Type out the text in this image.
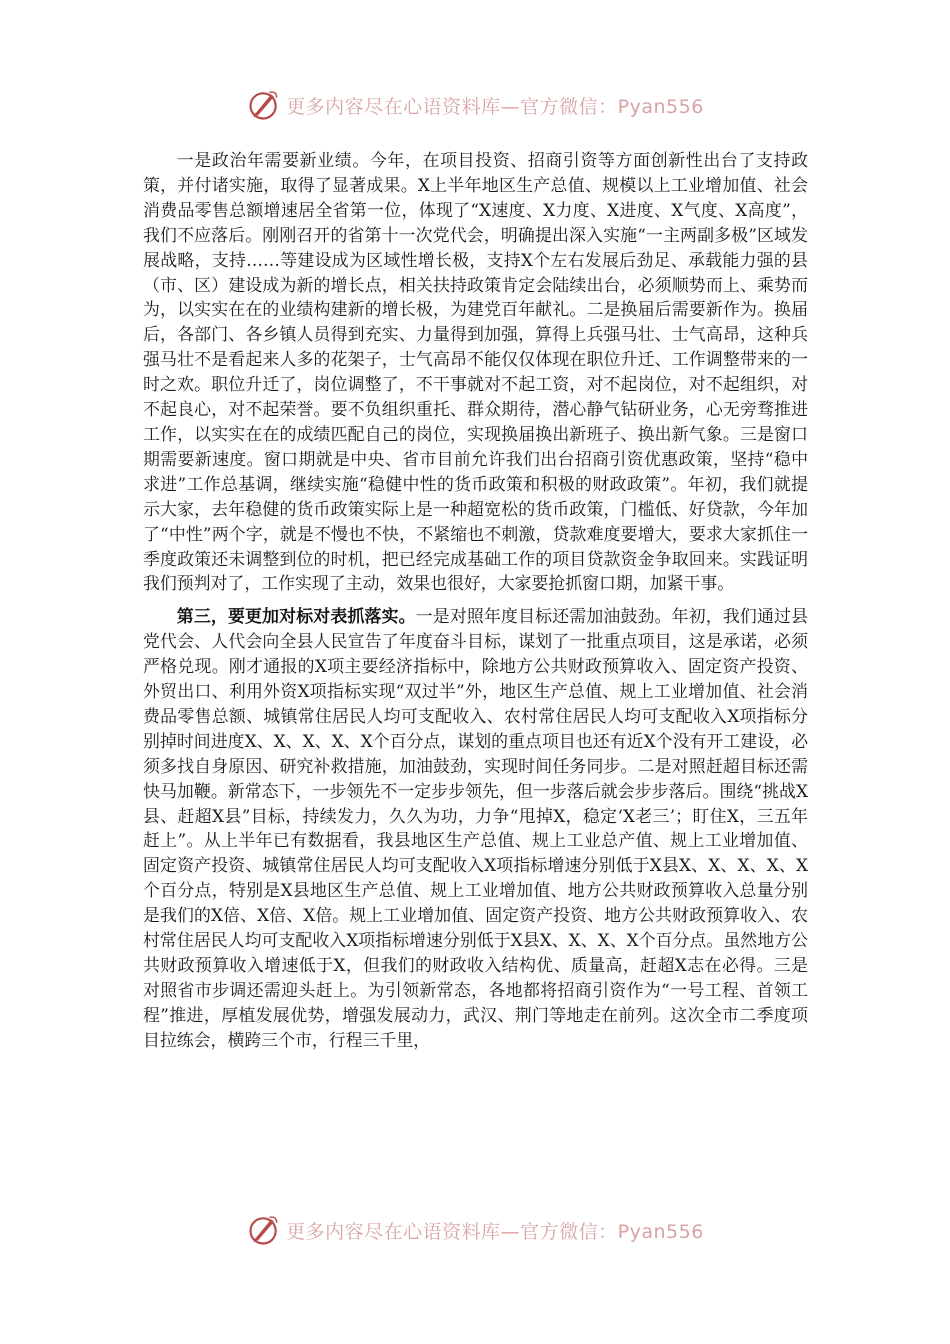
更多内容尽在心语资料库—官方微信：Pyan556

一是政治年需要新业绩。今年，在项目投资、招商引资等方面创新性出台了支持政策，并付诸实施，取得了显著成果。X上半年地区生产总值、规模以上工业增加值、社会消费品零售总额增速居全省第一位，体现了“X速度、X力度、X进度、X气度、X高度”，我们不应落后。刚刚召开的省第十一次党代会，明确提出深入实施“一主两副多极”区域发展战略，支持……等建设成为区域性增长极，支持X个左右发展后劲足、承载能力强的县（市、区）建设成为新的增长点，相关扶持政策肯定会陆续出台，必须顺势而上、乘势而为，以实实在在的业绩构建新的增长极，为建党百年献礼。二是换届后需要新作为。换届后，各部门、各乡镇人员得到充实、力量得到加强，算得上兵强马壮、士气高昂，这种兵强马壮不是看起来人多的花架子，士气高昂不能仅仅体现在职位升迁、工作调整带来的一时之欢。职位升迁了，岗位调整了，不干事就对不起工资，对不起岗位，对不起组织，对不起良心，对不起荣誉。要不负组织重托、群众期待，潜心静气钻研业务，心无旁骛推进工作，以实实在在的成绩匹配自己的岗位，实现换届换出新班子、换出新气象。三是窗口期需要新速度。窗口期就是中央、省市目前允许我们出台招商引资优惠政策，坚持“稳中求进”工作总基调，继续实施“稳健中性的货币政策和积极的财政政策”。年初，我们就提示大家，去年稳健的货币政策实际上是一种超宽松的货币政策，门槛低、好贷款，今年加了“中性”两个字，就是不慢也不快，不紧缩也不刺激，贷款难度要增大，要求大家抓住一季度政策还未调整到位的时机，把已经完成基础工作的项目贷款资金争取回来。实践证明我们预判对了，工作实现了主动，效果也很好，大家要抢抓窗口期，加紧干事。

第三，要更加对标对表抓落实。一是对照年度目标还需加油鼓劲。年初，我们通过县党代会、人代会向全县人民宣告了年度奋斗目标，谋划了一批重点项目，这是承诺，必须严格兑现。刚才通报的X项主要经济指标中，除地方公共财政预算收入、固定资产投资、外贸出口、利用外资X项指标实现“双过半”外，地区生产总值、规上工业增加值、社会消费品零售总额、城镇常住居民人均可支配收入、农村常住居民人均可支配收入X项指标分别掉时间进度X、X、X、X、X个百分点，谋划的重点项目也还有近X个没有开工建设，必须多找自身原因、研究补救措施，加油鼓劲，实现时间任务同步。二是对照赶超目标还需快马加鞭。新常态下，一步领先不一定步步领先，但一步落后就会步步落后。围绕“挑战X县、赶超X县”目标，持续发力，久久为功，力争“甩掉X，稳定‘X老三’；盯住X，三五年赶上”。从上半年已有数据看，我县地区生产总值、规上工业总产值、规上工业增加值、固定资产投资、城镇常住居民人均可支配收入X项指标增速分别低于X县X、X、X、X、X个百分点，特别是X县地区生产总值、规上工业增加值、地方公共财政预算收入总量分别是我们的X倍、X倍、X倍。规上工业增加值、固定资产投资、地方公共财政预算收入、农村常住居民人均可支配收入X项指标增速分别低于X县X、X、X、X个百分点。虽然地方公共财政预算收入增速低于X，但我们的财政收入结构优、质量高，赶超X志在必得。三是对照省市步调还需迎头赶上。为引领新常态，各地都将招商引资作为“一号工程、首领工程”推进，厚植发展优势，增强发展动力，武汉、荆门等地走在前列。这次全市二季度项目拉练会，横跨三个市，行程三千里，

更多内容尽在心语资料库—官方微信：Pyan556
